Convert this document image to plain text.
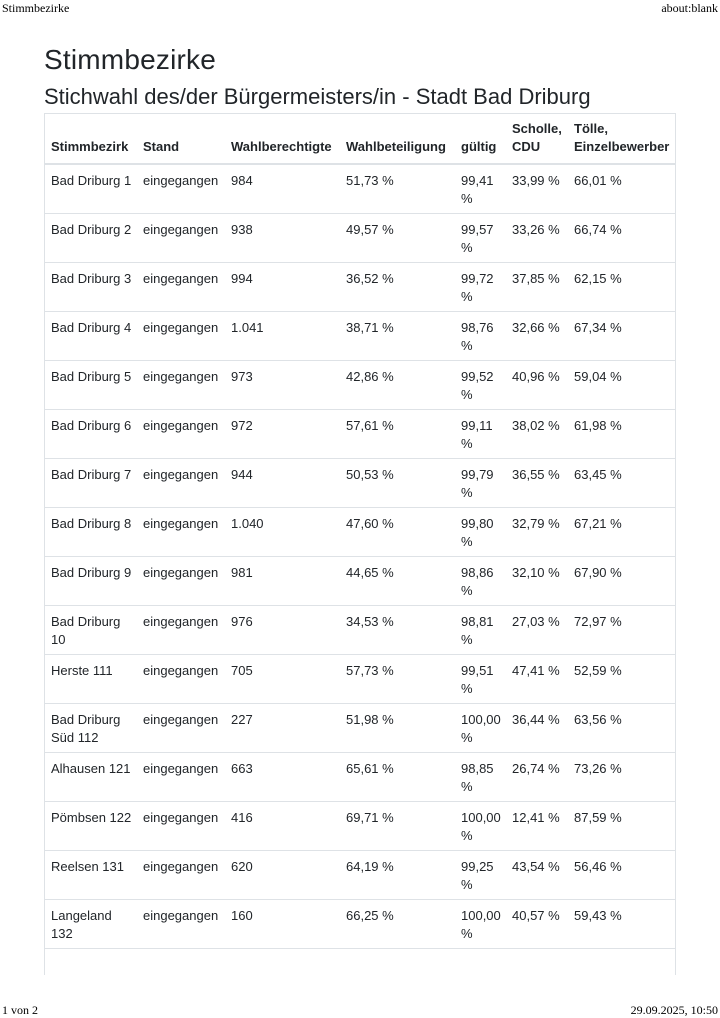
Stimmbezirke	about:blank
Stimmbezirke
Stichwahl des/der Bürgermeisters/in - Stadt Bad Driburg
Stimmbezirk	Stand	Wahlberechtigte	Wahlbeteiligung	gültig	Scholle, CDU	Tölle, Einzelbewerber
Bad Driburg 1	eingegangen	984	51,73 %	99,41 %	33,99 %	66,01 %
Bad Driburg 2	eingegangen	938	49,57 %	99,57 %	33,26 %	66,74 %
Bad Driburg 3	eingegangen	994	36,52 %	99,72 %	37,85 %	62,15 %
Bad Driburg 4	eingegangen	1.041	38,71 %	98,76 %	32,66 %	67,34 %
Bad Driburg 5	eingegangen	973	42,86 %	99,52 %	40,96 %	59,04 %
Bad Driburg 6	eingegangen	972	57,61 %	99,11 %	38,02 %	61,98 %
Bad Driburg 7	eingegangen	944	50,53 %	99,79 %	36,55 %	63,45 %
Bad Driburg 8	eingegangen	1.040	47,60 %	99,80 %	32,79 %	67,21 %
Bad Driburg 9	eingegangen	981	44,65 %	98,86 %	32,10 %	67,90 %
Bad Driburg 10	eingegangen	976	34,53 %	98,81 %	27,03 %	72,97 %
Herste 111	eingegangen	705	57,73 %	99,51 %	47,41 %	52,59 %
Bad Driburg Süd 112	eingegangen	227	51,98 %	100,00 %	36,44 %	63,56 %
Alhausen 121	eingegangen	663	65,61 %	98,85 %	26,74 %	73,26 %
Pömbsen 122	eingegangen	416	69,71 %	100,00 %	12,41 %	87,59 %
Reelsen 131	eingegangen	620	64,19 %	99,25 %	43,54 %	56,46 %
Langeland 132	eingegangen	160	66,25 %	100,00 %	40,57 %	59,43 %
1 von 2	29.09.2025, 10:50
